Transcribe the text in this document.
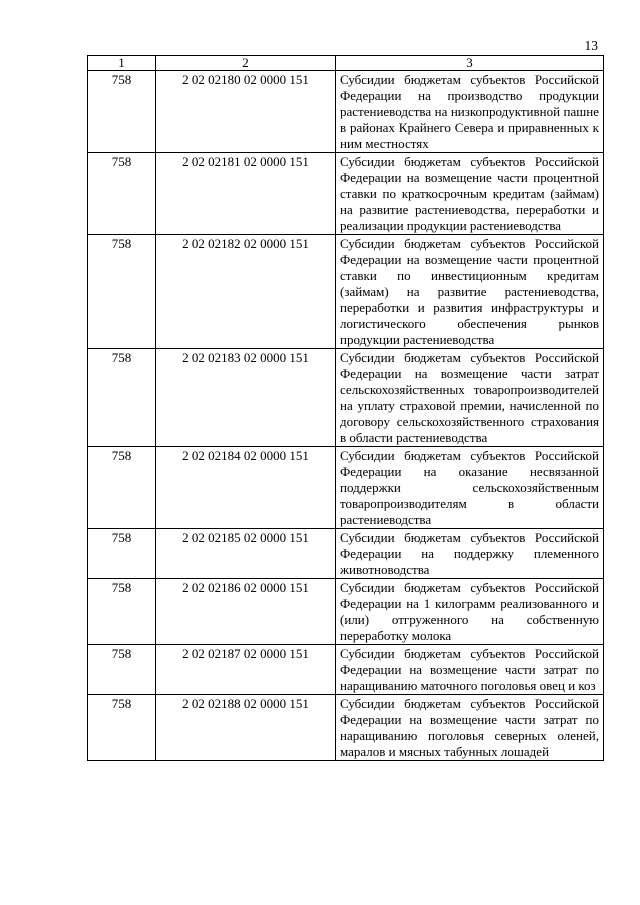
13
1	2	3
758	2 02 02180 02 0000 151	Субсидии бюджетам субъектов Российской Федерации на производство продукции растениеводства на низкопродуктивной пашне в районах Крайнего Севера и приравненных к ним местностях
758	2 02 02181 02 0000 151	Субсидии бюджетам субъектов Российской Федерации на возмещение части процентной ставки по краткосрочным кредитам (займам) на развитие растениеводства, переработки и реализации продукции растениеводства
758	2 02 02182 02 0000 151	Субсидии бюджетам субъектов Российской Федерации на возмещение части процентной ставки по инвестиционным кредитам (займам) на развитие растениеводства, переработки и развития инфраструктуры и логистического обеспечения рынков продукции растениеводства
758	2 02 02183 02 0000 151	Субсидии бюджетам субъектов Российской Федерации на возмещение части затрат сельскохозяйственных товаропроизводителей на уплату страховой премии, начисленной по договору сельскохозяйственного страхования в области растениеводства
758	2 02 02184 02 0000 151	Субсидии бюджетам субъектов Российской Федерации на оказание несвязанной поддержки сельскохозяйственным товаропроизводителям в области растениеводства
758	2 02 02185 02 0000 151	Субсидии бюджетам субъектов Российской Федерации на поддержку племенного животноводства
758	2 02 02186 02 0000 151	Субсидии бюджетам субъектов Российской Федерации на 1 килограмм реализованного и (или) отгруженного на собственную переработку молока
758	2 02 02187 02 0000 151	Субсидии бюджетам субъектов Российской Федерации на возмещение части затрат по наращиванию маточного поголовья овец и коз
758	2 02 02188 02 0000 151	Субсидии бюджетам субъектов Российской Федерации на возмещение части затрат по наращиванию поголовья северных оленей, маралов и мясных табунных лошадей
